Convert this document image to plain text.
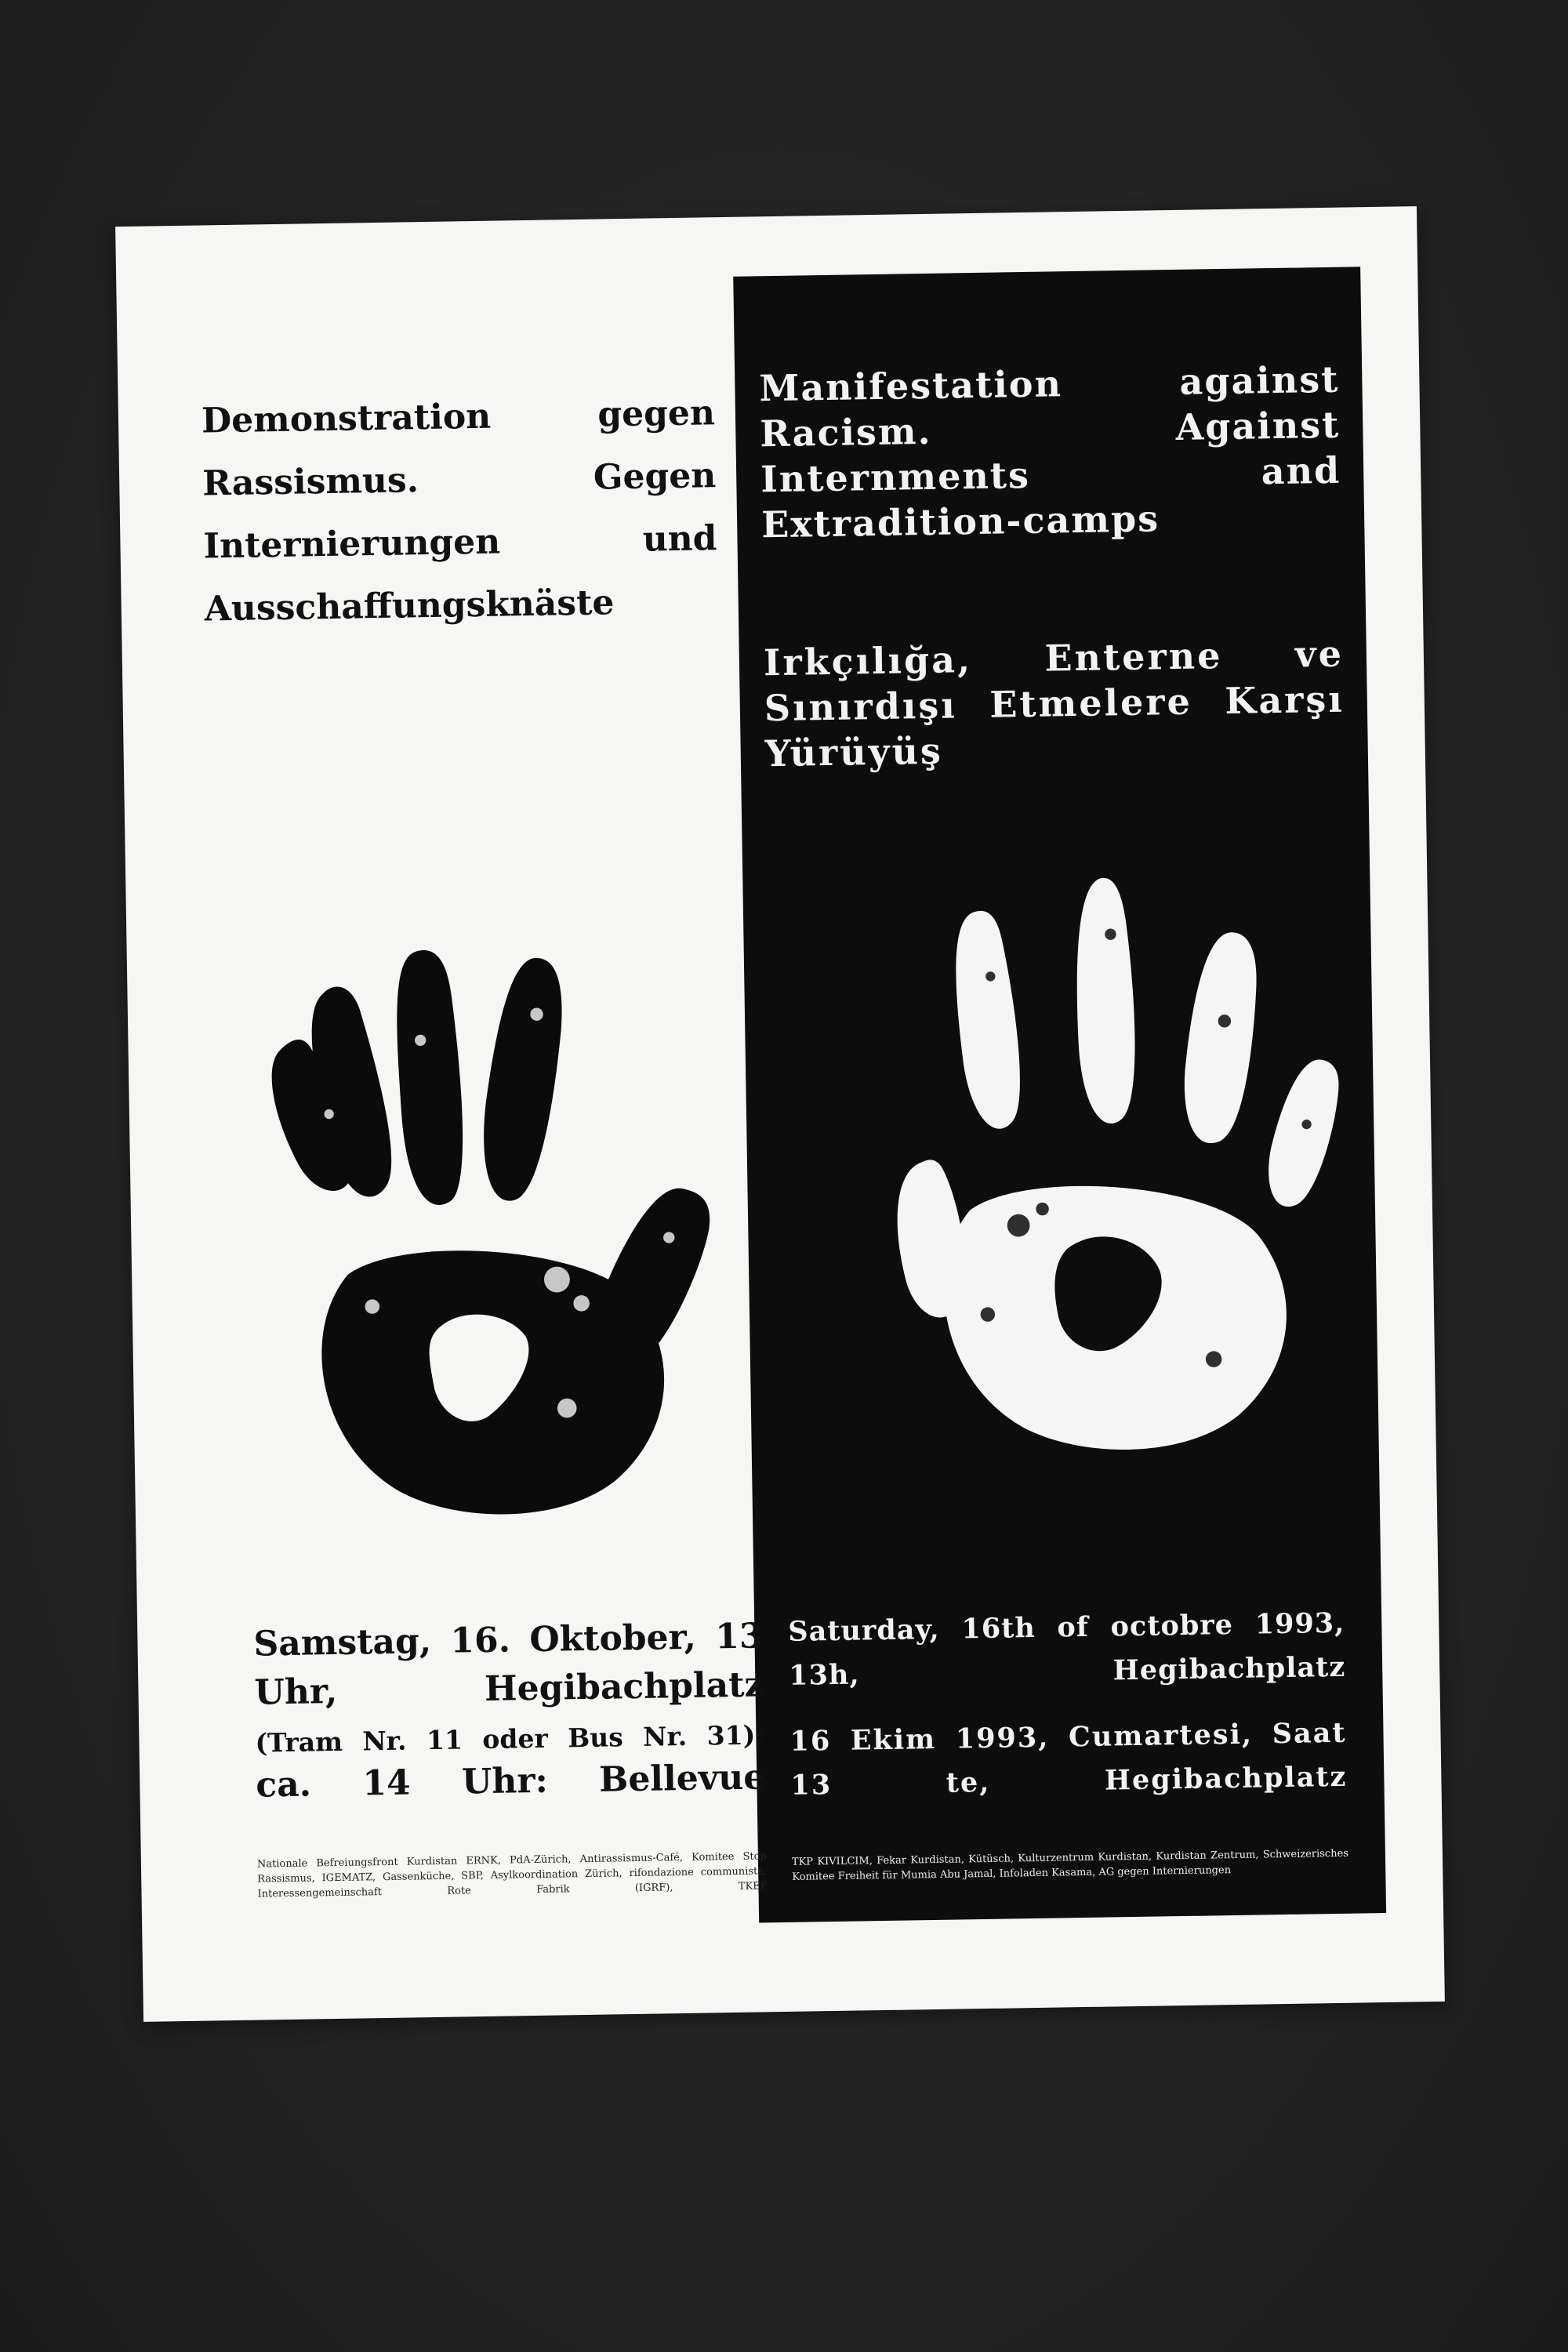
Demonstration gegen Rassismus. Gegen Internierungen und Ausschaffungsknäste

Manifestation against Racism. Against Internments and Extradition-camps

Irkçılığa, Enterne ve Sınırdışı Etmelere Karşı Yürüyüş

Samstag, 16. Oktober, 13 Uhr, Hegibachplatz

(Tram Nr. 11 oder Bus Nr. 31);

ca. 14 Uhr: Bellevue

Saturday, 16th of octobre 1993, 13h, Hegibachplatz

16 Ekim 1993, Cumartesi, Saat 13 te, Hegibachplatz

Nationale Befreiungsfront Kurdistan ERNK, PdA-Zürich, Antirassismus-Café, Komitee Stop Rassismus, IGEMATZ, Gassenküche, SBP, Asylkoordination Zürich, rifondazione communista, Interessengemeinschaft Rote Fabrik (IGRF), TKEP

TKP KIVILCIM, Fekar Kurdistan, Kütüsch, Kulturzentrum Kurdistan, Kurdistan Zentrum, Schweizerisches Komitee Freiheit für Mumia Abu Jamal, Infoladen Kasama, AG gegen Internierungen
